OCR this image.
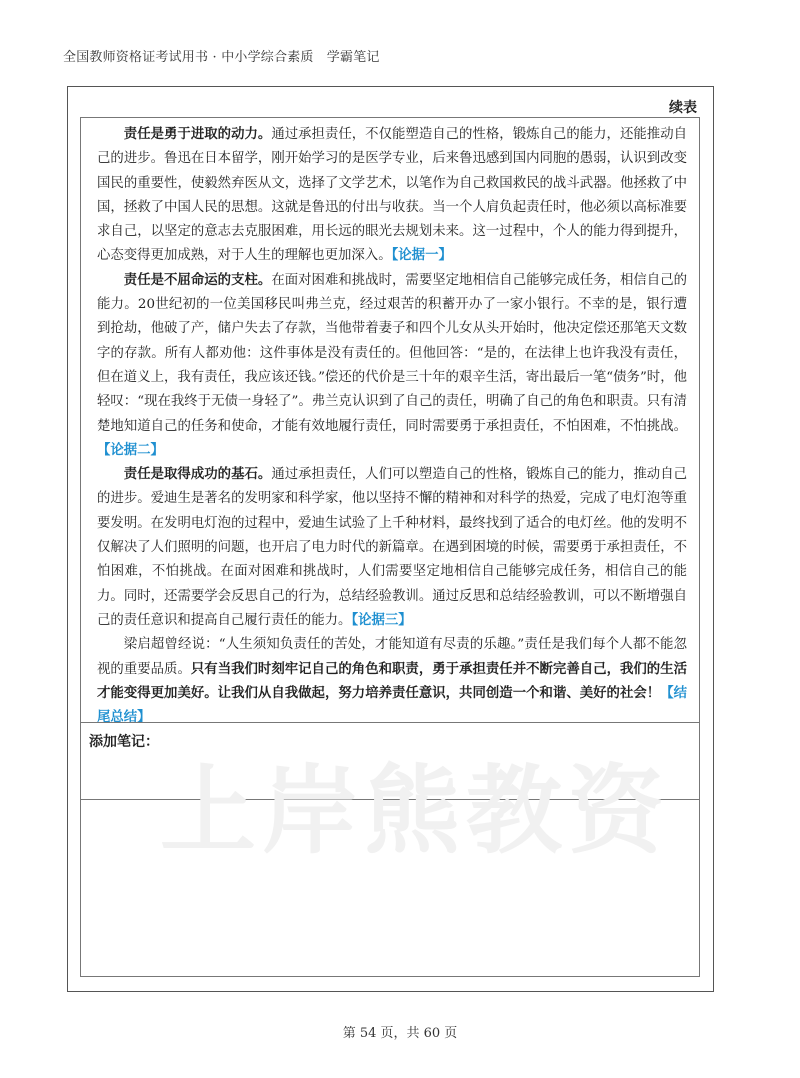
全国教师资格证考试用书 · 中小学综合素质　学霸笔记
续表

责任是勇于进取的动力。通过承担责任，不仅能塑造自己的性格，锻炼自己的能力，还能推动自己的进步。鲁迅在日本留学，刚开始学习的是医学专业，后来鲁迅感到国内同胞的愚弱，认识到改变国民的重要性，使毅然弃医从文，选择了文学艺术，以笔作为自己救国救民的战斗武器。他拯救了中国，拯救了中国人民的思想。这就是鲁迅的付出与收获。当一个人肩负起责任时，他必须以高标准要求自己，以坚定的意志去克服困难，用长远的眼光去规划未来。这一过程中，个人的能力得到提升，心态变得更加成熟，对于人生的理解也更加深入。【论据一】

责任是不屈命运的支柱。在面对困难和挑战时，需要坚定地相信自己能够完成任务，相信自己的能力。20世纪初的一位美国移民叫弗兰克，经过艰苦的积蓄开办了一家小银行。不幸的是，银行遭到抢劫，他破了产，储户失去了存款，当他带着妻子和四个儿女从头开始时，他决定偿还那笔天文数字的存款。所有人都劝他：这件事体是没有责任的。但他回答：“是的，在法律上也许我没有责任，但在道义上，我有责任，我应该还钱。”偿还的代价是三十年的艰辛生活，寄出最后一笔“债务”时，他轻叹：“现在我终于无债一身轻了”。弗兰克认识到了自己的责任，明确了自己的角色和职责。只有清楚地知道自己的任务和使命，才能有效地履行责任，同时需要勇于承担责任，不怕困难，不怕挑战。【论据二】

责任是取得成功的基石。通过承担责任，人们可以塑造自己的性格，锻炼自己的能力，推动自己的进步。爱迪生是著名的发明家和科学家，他以坚持不懈的精神和对科学的热爱，完成了电灯泡等重要发明。在发明电灯泡的过程中，爱迪生试验了上千种材料，最终找到了适合的电灯丝。他的发明不仅解决了人们照明的问题，也开启了电力时代的新篇章。在遇到困境的时候，需要勇于承担责任，不怕困难，不怕挑战。在面对困难和挑战时，人们需要坚定地相信自己能够完成任务，相信自己的能力。同时，还需要学会反思自己的行为，总结经验教训。通过反思和总结经验教训，可以不断增强自己的责任意识和提高自己履行责任的能力。【论据三】

梁启超曾经说：“人生须知负责任的苦处，才能知道有尽责的乐趣。”责任是我们每个人都不能忽视的重要品质。只有当我们时刻牢记自己的角色和职责，勇于承担责任并不断完善自己，我们的生活才能变得更加美好。让我们从自我做起，努力培养责任意识，共同创造一个和谐、美好的社会！【结尾总结】

添加笔记：
上岸熊教资
第 54 页，共 60 页
